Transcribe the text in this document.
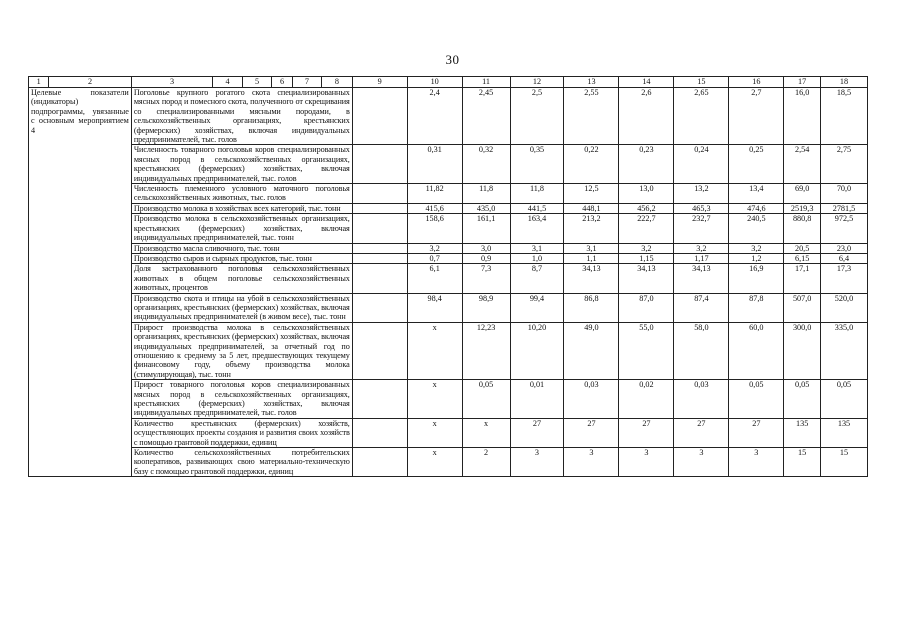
30
1	2	3	4	5	6	7	8	9	10	11	12	13	14	15	16	17	18
Целевые показатели (индикаторы) подпрограммы, увязанные с основным мероприятием 4		Поголовье крупного рогатого скота специализированных мясных пород и помесного скота, полученного от скрещивания со специализированными мясными породами, в сельскохозяйственных организациях, крестьянских (фермерских) хозяйствах, включая индивидуальных предпринимателей, тыс. голов							2,4	2,45	2,5	2,55	2,6	2,65	2,7	16,0	18,5
		Численность товарного поголовья коров специализированных мясных пород в сельскохозяйственных организациях, крестьянских (фермерских) хозяйствах, включая индивидуальных предпринимателей, тыс. голов							0,31	0,32	0,35	0,22	0,23	0,24	0,25	2,54	2,75
		Численность племенного условного маточного поголовья сельскохозяйственных животных, тыс. голов							11,82	11,8	11,8	12,5	13,0	13,2	13,4	69,0	70,0
		Производство молока в хозяйствах всех категорий, тыс. тонн							415,6	435,0	441,5	448,1	456,2	465,3	474,6	2519,3	2781,5
		Производство молока в сельскохозяйственных организациях, крестьянских (фермерских) хозяйствах, включая индивидуальных предпринимателей, тыс. тонн							158,6	161,1	163,4	213,2	222,7	232,7	240,5	880,8	972,5
		Производство масла сливочного, тыс. тонн							3,2	3,0	3,1	3,1	3,2	3,2	3,2	20,5	23,0
		Производство сыров и сырных продуктов, тыс. тонн							0,7	0,9	1,0	1,1	1,15	1,17	1,2	6,15	6,4
		Доля застрахованного поголовья сельскохозяйственных животных в общем поголовье сельскохозяйственных животных, процентов							6,1	7,3	8,7	34,13	34,13	34,13	16,9	17,1	17,3
		Производство скота и птицы на убой в сельскохозяйственных организациях, крестьянских (фермерских) хозяйствах, включая индивидуальных предпринимателей (в живом весе), тыс. тонн							98,4	98,9	99,4	86,8	87,0	87,4	87,8	507,0	520,0
		Прирост производства молока в сельскохозяйственных организациях, крестьянских (фермерских) хозяйствах, включая индивидуальных предпринимателей, за отчетный год по отношению к среднему за 5 лет, предшествующих текущему финансовому году, объему производства молока (стимулирующая), тыс. тонн							х	12,23	10,20	49,0	55,0	58,0	60,0	300,0	335,0
		Прирост товарного поголовья коров специализированных мясных пород в сельскохозяйственных организациях, крестьянских (фермерских) хозяйствах, включая индивидуальных предпринимателей, тыс. голов							х	0,05	0,01	0,03	0,02	0,03	0,05	0,05	0,05
		Количество крестьянских (фермерских) хозяйств, осуществляющих проекты создания и развития своих хозяйств с помощью грантовой поддержки, единиц							х	х	27	27	27	27	27	135	135
		Количество сельскохозяйственных потребительских кооперативов, развивающих свою материально-техническую базу с помощью грантовой поддержки, единиц							х	2	3	3	3	3	3	15	15
